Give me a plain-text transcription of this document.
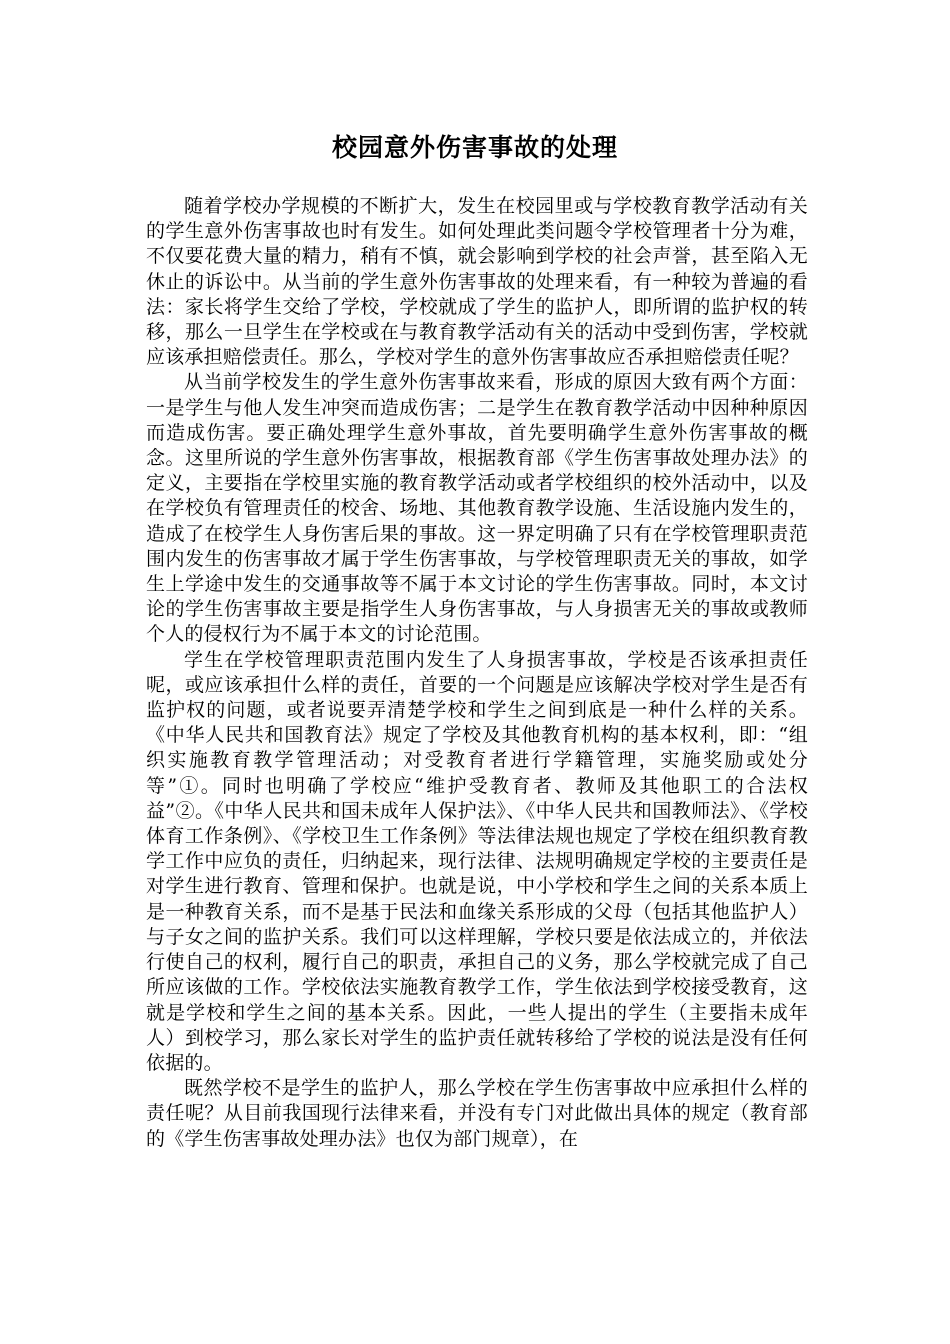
校园意外伤害事故的处理

随着学校办学规模的不断扩大，发生在校园里或与学校教育教学活动有关的学生意外伤害事故也时有发生。如何处理此类问题令学校管理者十分为难，不仅要花费大量的精力，稍有不慎，就会影响到学校的社会声誉，甚至陷入无休止的诉讼中。从当前的学生意外伤害事故的处理来看，有一种较为普遍的看法：家长将学生交给了学校，学校就成了学生的监护人，即所谓的监护权的转移，那么一旦学生在学校或在与教育教学活动有关的活动中受到伤害，学校就应该承担赔偿责任。那么，学校对学生的意外伤害事故应否承担赔偿责任呢？

从当前学校发生的学生意外伤害事故来看，形成的原因大致有两个方面：一是学生与他人发生冲突而造成伤害；二是学生在教育教学活动中因种种原因而造成伤害。要正确处理学生意外事故，首先要明确学生意外伤害事故的概念。这里所说的学生意外伤害事故，根据教育部《学生伤害事故处理办法》的定义，主要指在学校里实施的教育教学活动或者学校组织的校外活动中，以及在学校负有管理责任的校舍、场地、其他教育教学设施、生活设施内发生的，造成了在校学生人身伤害后果的事故。这一界定明确了只有在学校管理职责范围内发生的伤害事故才属于学生伤害事故，与学校管理职责无关的事故，如学生上学途中发生的交通事故等不属于本文讨论的学生伤害事故。同时，本文讨论的学生伤害事故主要是指学生人身伤害事故，与人身损害无关的事故或教师个人的侵权行为不属于本文的讨论范围。

学生在学校管理职责范围内发生了人身损害事故，学校是否该承担责任呢，或应该承担什么样的责任，首要的一个问题是应该解决学校对学生是否有监护权的问题，或者说要弄清楚学校和学生之间到底是一种什么样的关系。《中华人民共和国教育法》规定了学校及其他教育机构的基本权利，即：“组织实施教育教学管理活动；对受教育者进行学籍管理，实施奖励或处分等”①。同时也明确了学校应“维护受教育者、教师及其他职工的合法权益”②。《中华人民共和国未成年人保护法》、《中华人民共和国教师法》、《学校体育工作条例》、《学校卫生工作条例》等法律法规也规定了学校在组织教育教学工作中应负的责任，归纳起来，现行法律、法规明确规定学校的主要责任是对学生进行教育、管理和保护。也就是说，中小学校和学生之间的关系本质上是一种教育关系，而不是基于民法和血缘关系形成的父母（包括其他监护人）与子女之间的监护关系。我们可以这样理解，学校只要是依法成立的，并依法行使自己的权利，履行自己的职责，承担自己的义务，那么学校就完成了自己所应该做的工作。学校依法实施教育教学工作，学生依法到学校接受教育，这就是学校和学生之间的基本关系。因此，一些人提出的学生（主要指未成年人）到校学习，那么家长对学生的监护责任就转移给了学校的说法是没有任何依据的。

既然学校不是学生的监护人，那么学校在学生伤害事故中应承担什么样的责任呢？从目前我国现行法律来看，并没有专门对此做出具体的规定（教育部的《学生伤害事故处理办法》也仅为部门规章），在
